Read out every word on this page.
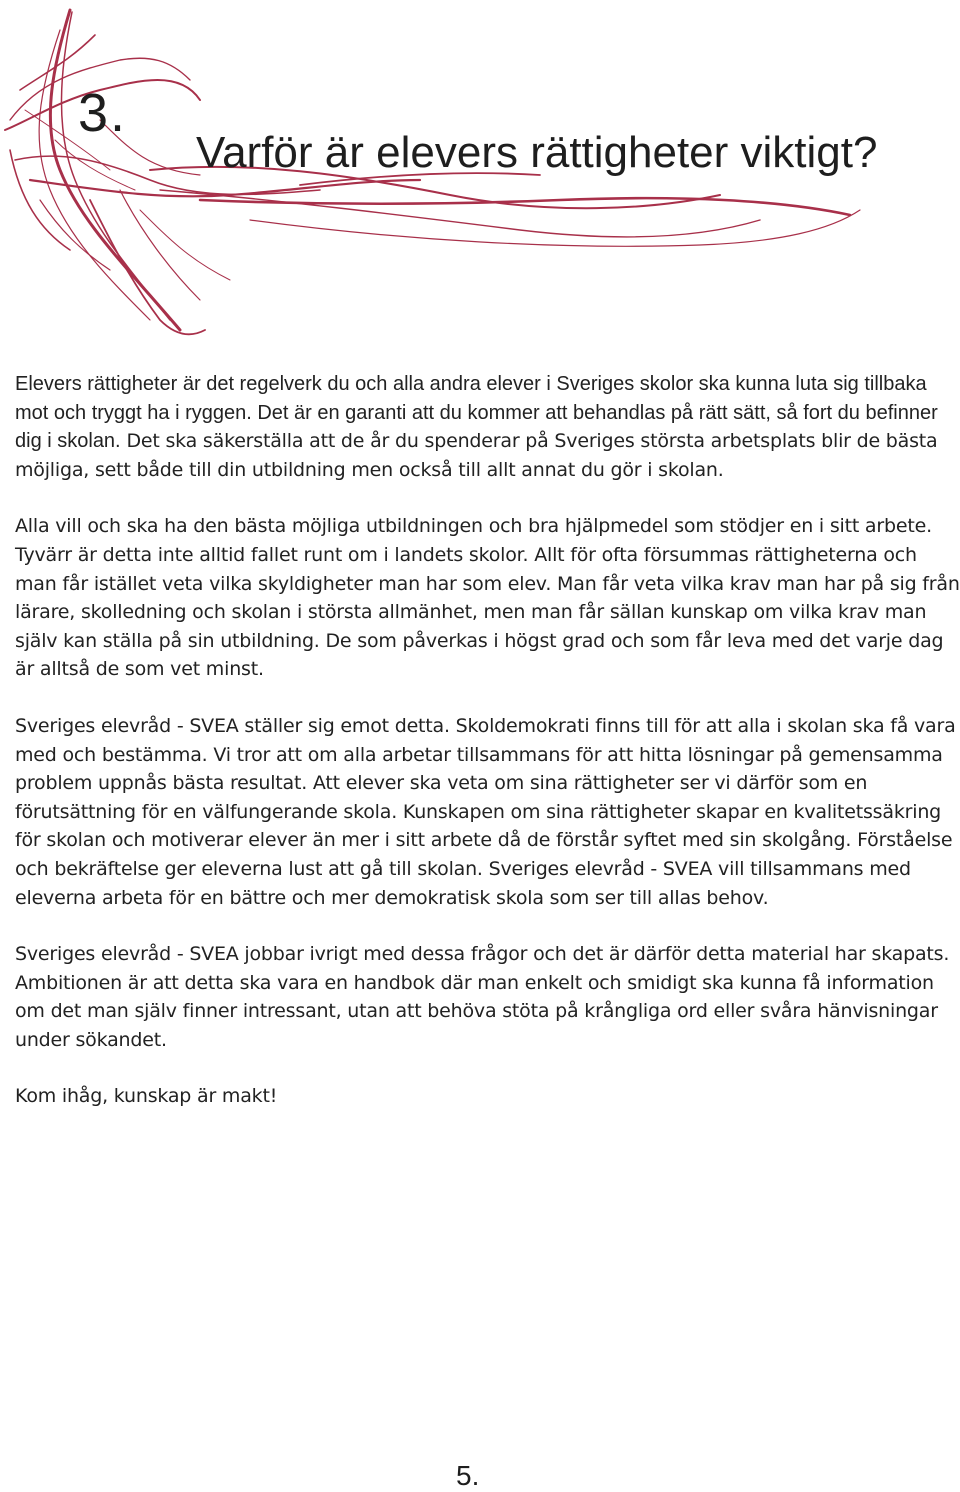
3.
Varför är elevers rättigheter viktigt?

Elevers rättigheter är det regelverk du och alla andra elever i Sveriges skolor ska kunna luta sig tillbaka mot och tryggt ha i ryggen. Det är en garanti att du kommer att behandlas på rätt sätt, så fort du befinner dig i skolan. Det ska säkerställa att de år du spenderar på Sveriges största arbetsplats blir de bästa möjliga, sett både till din utbildning men också till allt annat du gör i skolan.

Alla vill och ska ha den bästa möjliga utbildningen och bra hjälpmedel som stödjer en i sitt arbete. Tyvärr är detta inte alltid fallet runt om i landets skolor. Allt för ofta försummas rättigheterna och man får istället veta vilka skyldigheter man har som elev. Man får veta vilka krav man har på sig från lärare, skolledning och skolan i största allmänhet, men man får sällan kunskap om vilka krav man själv kan ställa på sin utbildning. De som påverkas i högst grad och som får leva med det varje dag är alltså de som vet minst.

Sveriges elevråd - SVEA ställer sig emot detta. Skoldemokrati finns till för att alla i skolan ska få vara med och bestämma. Vi tror att om alla arbetar tillsammans för att hitta lösningar på gemensamma problem uppnås bästa resultat. Att elever ska veta om sina rättigheter ser vi därför som en förutsättning för en välfungerande skola. Kunskapen om sina rättigheter skapar en kvalitetssäkring för skolan och motiverar elever än mer i sitt arbete då de förstår syftet med sin skolgång. Förståelse och bekräftelse ger eleverna lust att gå till skolan. Sveriges elevråd - SVEA vill tillsammans med eleverna arbeta för en bättre och mer demokratisk skola som ser till allas behov.

Sveriges elevråd - SVEA jobbar ivrigt med dessa frågor och det är därför detta material har skapats. Ambitionen är att detta ska vara en handbok där man enkelt och smidigt ska kunna få information om det man själv finner intressant, utan att behöva stöta på krångliga ord eller svåra hänvisningar under sökandet.

Kom ihåg, kunskap är makt!

5.
